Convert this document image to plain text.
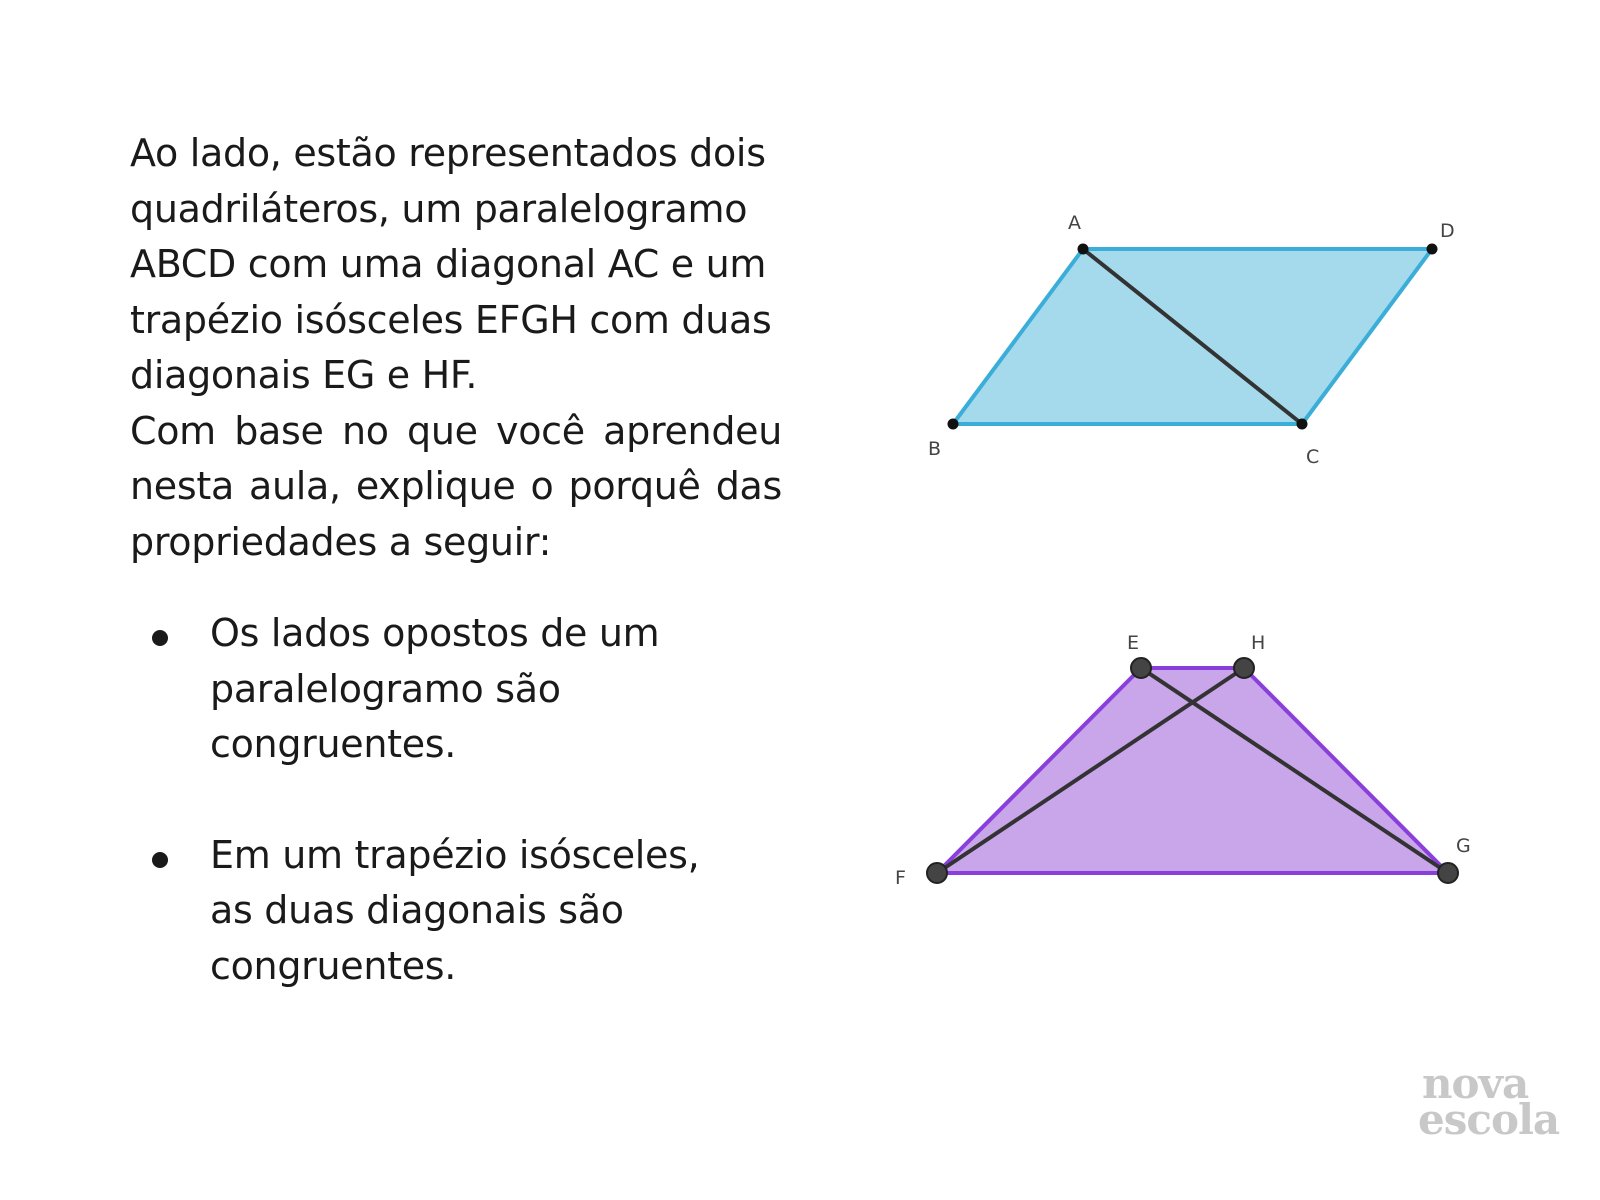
Ao lado, estão representados dois quadriláteros, um paralelogramo ABCD com uma diagonal AC e um trapézio isósceles EFGH com duas diagonais EG e HF.

Com base no que você aprendeu nesta aula, explique o porquê das propriedades a seguir:

Os lados opostos de um paralelogramo são congruentes.
Em um trapézio isósceles, as duas diagonais são congruentes.
A
B	C
D
E	H
F
G
nova
escola
